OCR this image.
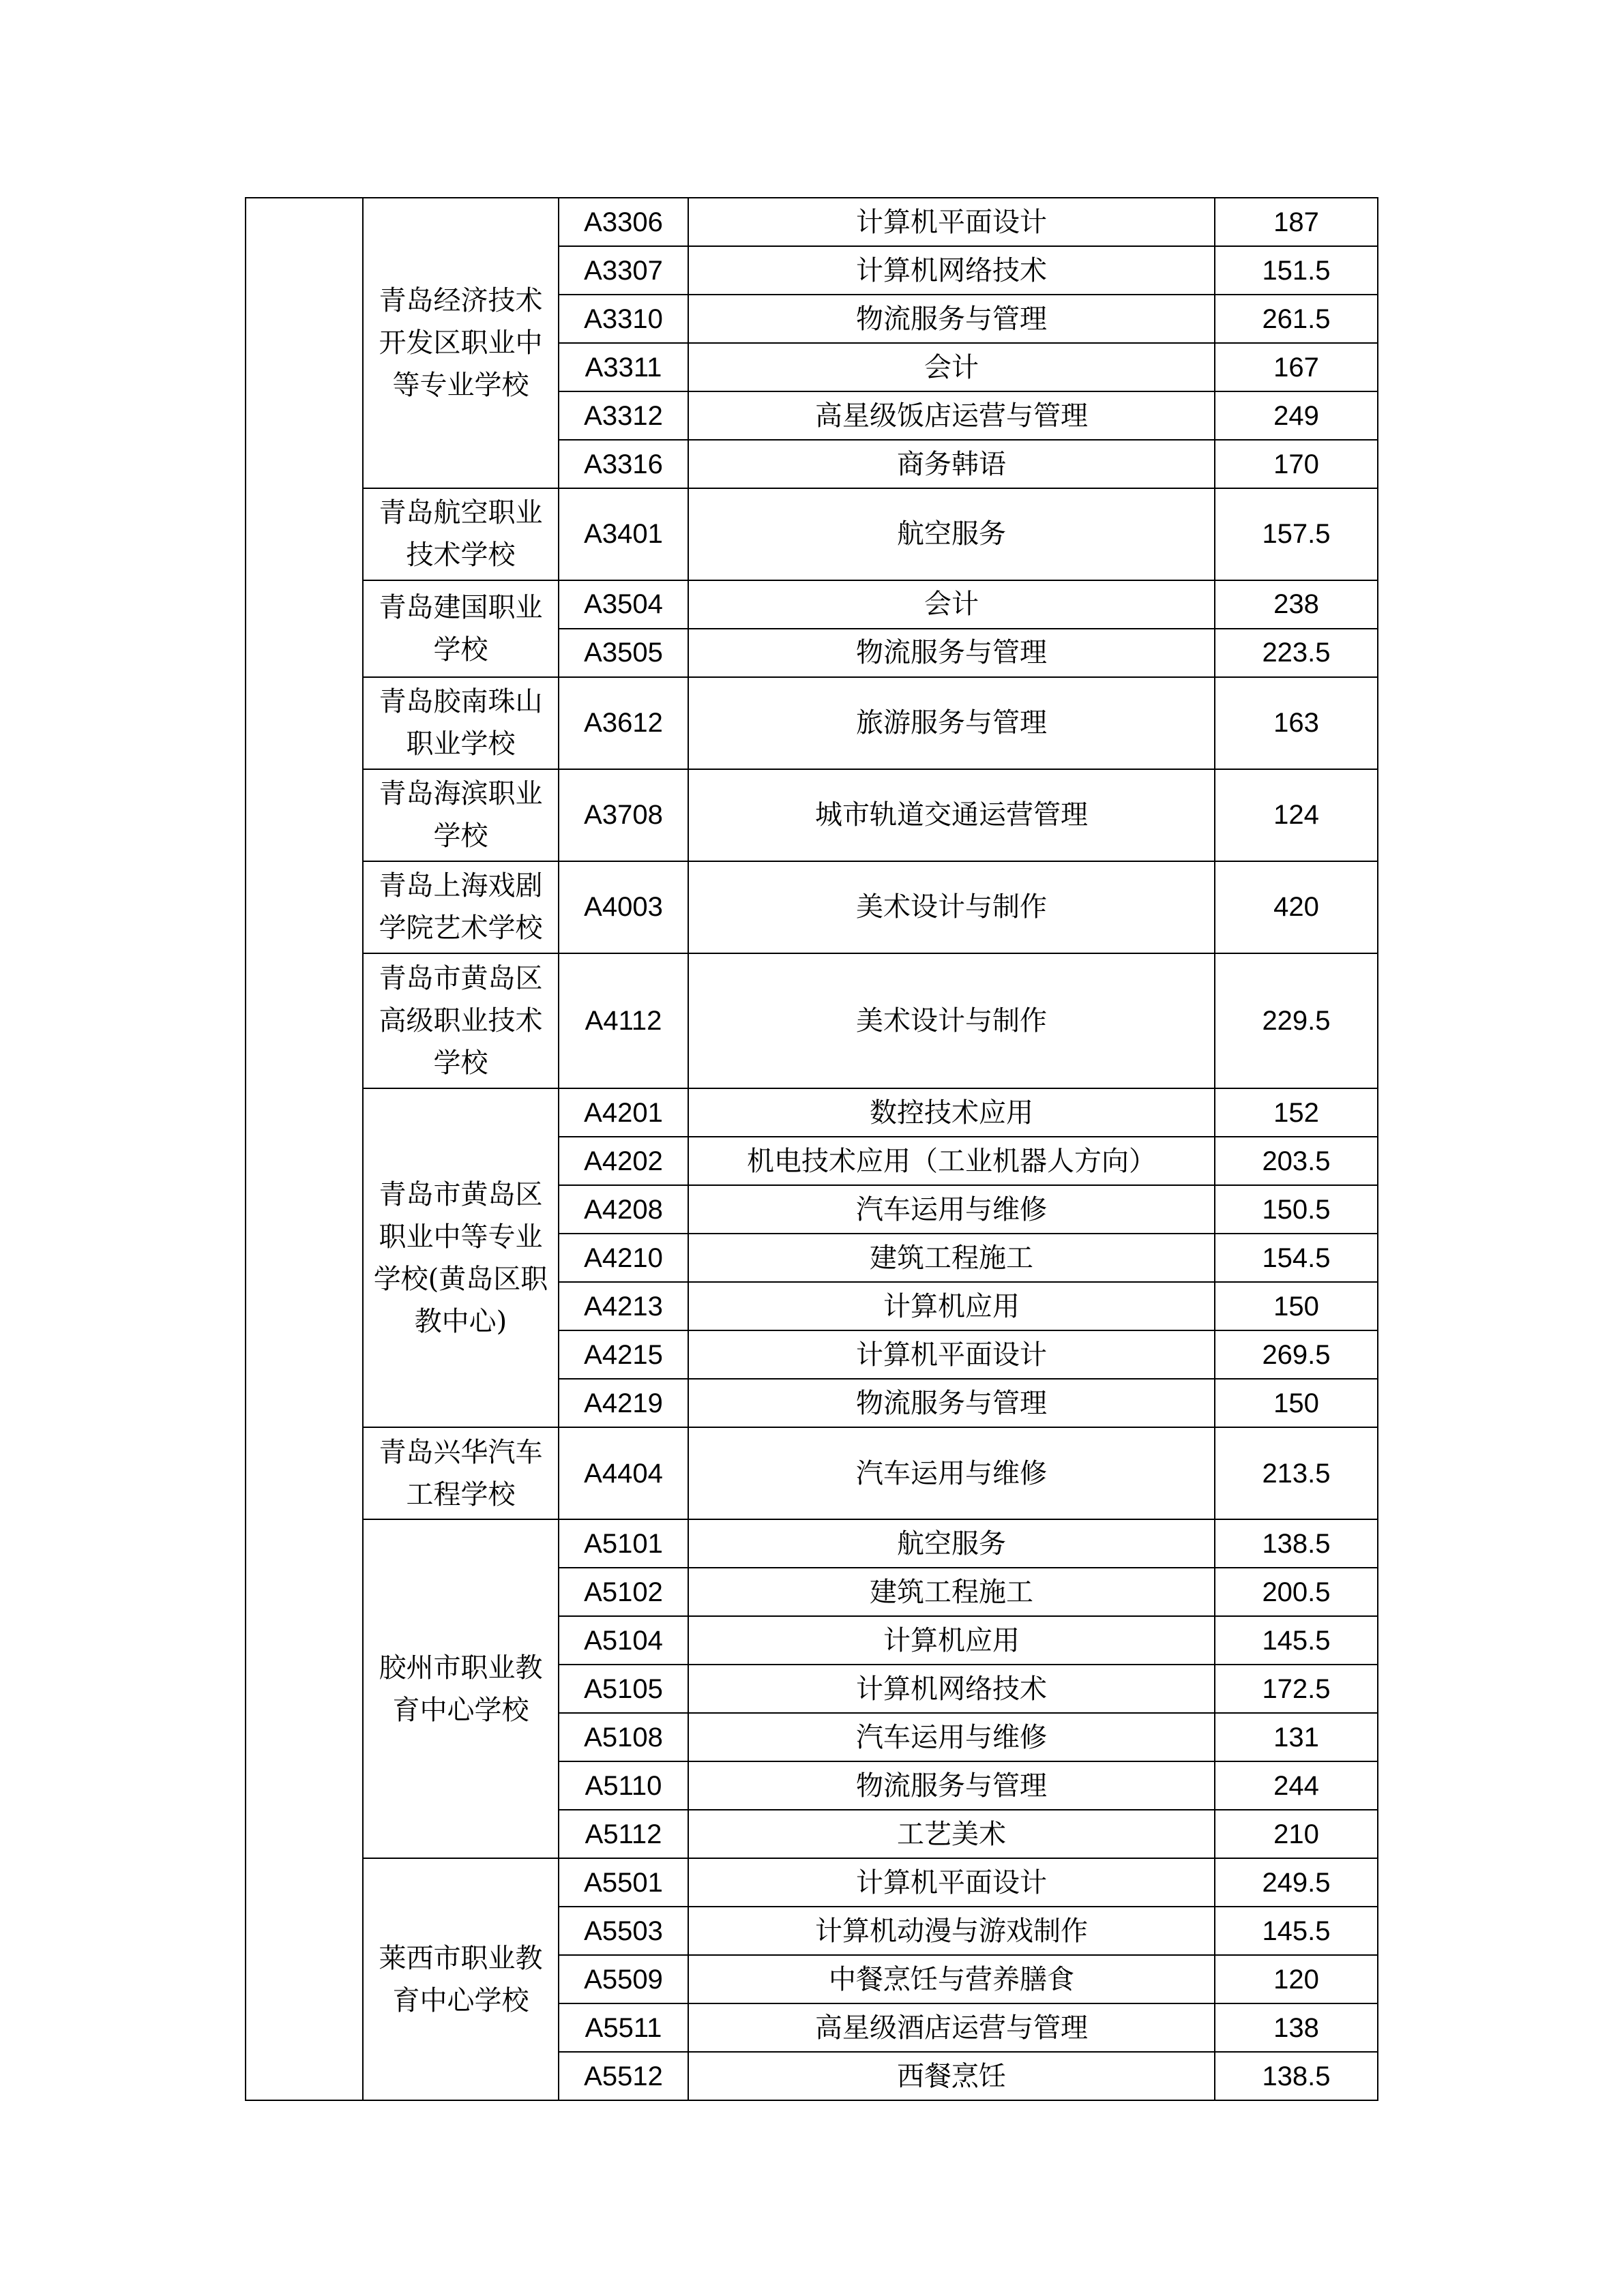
	青岛经济技术开发区职业中等专业学校	A3306	计算机平面设计	187
		A3307	计算机网络技术	151.5
		A3310	物流服务与管理	261.5
		A3311	会计	167
		A3312	高星级饭店运营与管理	249
		A3316	商务韩语	170
	青岛航空职业技术学校	A3401	航空服务	157.5
	青岛建国职业学校	A3504	会计	238
		A3505	物流服务与管理	223.5
	青岛胶南珠山职业学校	A3612	旅游服务与管理	163
	青岛海滨职业学校	A3708	城市轨道交通运营管理	124
	青岛上海戏剧学院艺术学校	A4003	美术设计与制作	420
	青岛市黄岛区高级职业技术学校	A4112	美术设计与制作	229.5
	青岛市黄岛区职业中等专业学校(黄岛区职教中心)	A4201	数控技术应用	152
		A4202	机电技术应用（工业机器人方向）	203.5
		A4208	汽车运用与维修	150.5
		A4210	建筑工程施工	154.5
		A4213	计算机应用	150
		A4215	计算机平面设计	269.5
		A4219	物流服务与管理	150
	青岛兴华汽车工程学校	A4404	汽车运用与维修	213.5
	胶州市职业教育中心学校	A5101	航空服务	138.5
		A5102	建筑工程施工	200.5
		A5104	计算机应用	145.5
		A5105	计算机网络技术	172.5
		A5108	汽车运用与维修	131
		A5110	物流服务与管理	244
		A5112	工艺美术	210
	莱西市职业教育中心学校	A5501	计算机平面设计	249.5
		A5503	计算机动漫与游戏制作	145.5
		A5509	中餐烹饪与营养膳食	120
		A5511	高星级酒店运营与管理	138
		A5512	西餐烹饪	138.5
